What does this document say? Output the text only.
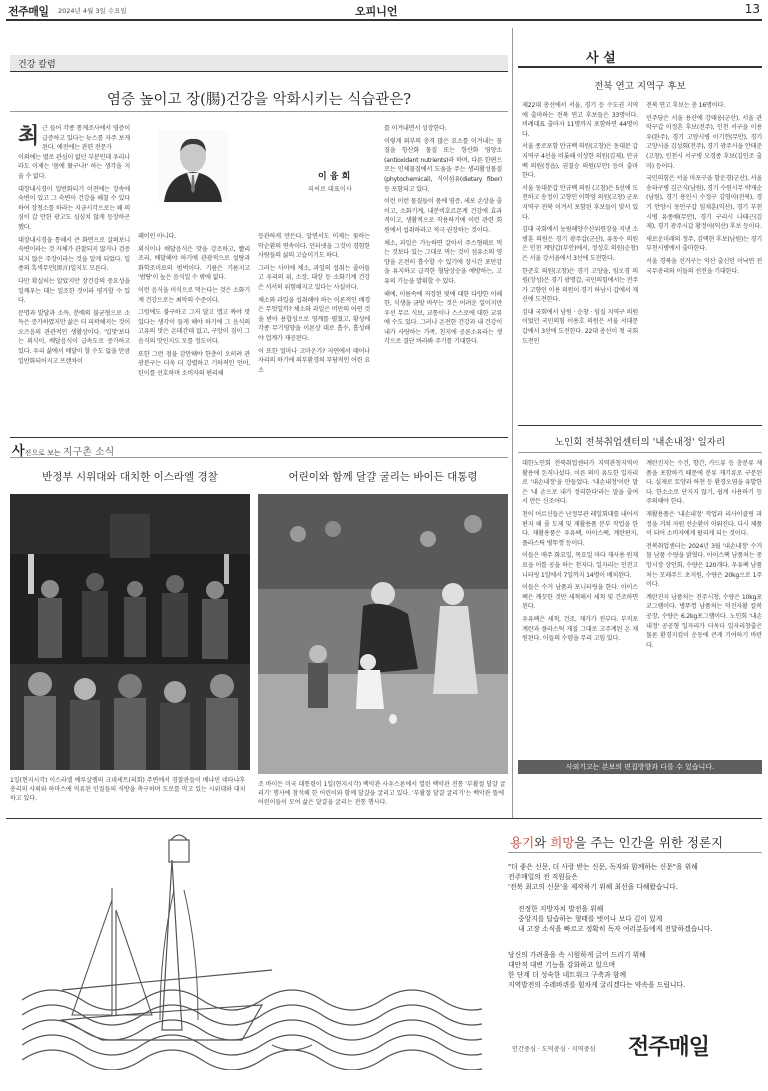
전주매일 2024년 4월 3일 수요일	오피니언	13
건강 칼럼
염증 높이고 장(腸)건강을 악화시키는 식습관은?
최 근 들어 각종 통계조사에서 염증이 급증하고 있다는 뉴스를 자주 보게 된다. 예전에는 관련 전문가

이외에는 별로 관심이 없던 부분인데 우리나라도 이제는 '몸에 왔구나!' 하는 생각을 지울 수 없다.

대장내시경이 일반화되기 이전에는 장속에 숙변이 있고 그 숙변이 건강을 해칠 수 있다 하여 장청소를 하라는 지금시각으로는 왜 의심이 갈 만한 광고도 심심치 않게 등장하곤 했다.

대장내시경을 통해서 큰 화면으로 살펴보니 숙변이라는 것 자체가 관찰되지 않거나 검증되지 않은 주장이라는 것을 알게 되었다. 일종의 흑색무언(黑言)일지도 모른다.

다만 확실히는 알았지만 장건강의 중요성을 일깨우는 데는 일조한 것이라 평가할 수 있다.

문명과 발달과 소득, 분배의 불균형으로 소득은 증가하였지만 삶은 더 피곽해지는 것이 오즈음의 관관적인 생활상이다. '입맛'보다는 외식이, 배달음식이 급속도로 증가하고 있다. 우리 삶에서 배달이 할 수도 없을 만큼 일반화되어지고 프랜차이

이 융 희
피씨로 대표이사

패이인 아니다.

외식이나 배달음식은 맛을 강조하고, 빨리 조리, 배달해야 하기에 관광적으로 설탕과 화학조미료의 범벅이다. 기름은 기름지고 '범탕'이 높은 음식일 수 밖에 없다.

이런 음식을 이식으로 먹는다는 것은 소화기계 건강으로는 최악의 수준이다.

그럼에도 불구하고 그저 달고 맵고 짜야 맛있다는 생각이 들게 해야 하기에 그 음식의 고유의 맛은 온데간데 없고, 구앙이 짐이 그 음식의 맛인지도 모를 정도이다.

또한 그런 점을 감안해야 한층이 오히려 관광분구는 더욱 더 강렬하고 기하적인 언어, 틴이를 선호하며 소비자의 편리해

등관하게 만든다. 알면서도 이제는 꽃하는 악순환의 연속이다. 인터넷을 그것이 경험한 사람들의 삶의 고습이기도 하다.

그러는 사이에 체소, 과일의 섭취는 줄어들고 우리의 위, 소장, 대장 등 소화기계 건강은 서서히 위험해지고 있다는 사실이다.

체소와 과일을 섭취해야 하는 이론적인 배경은 무엇일까? 체소와 과일은 비만의 어떤 것을 받아 용합성으로 영계를 펼쳤고, 황성에 각종 무기영양을 이론상 대로 흡수, 흡성해야 업계가 재공된다.

이 또한 얼마나 고마운가? 자연에서 태어나 자리의 하기에 의부환경의 부담적인 어린 요소

를 이겨내면서 성장한다.

이렇게 외부의 충격 많은 요소를 이겨내는 물질을 항산화 물질 또는 항산화 영양소(antioxidant nutrients)라 하며, 다른 한편으로는 인체물질에서 도움을 주는 생리활성물질(phytochemical), 식이섬유(dietary fiber) 등 포함되고 있다.

이런 이런 물질들이 몸에 염증, 세포 손상을 줄이고, 소화기계, 내분비호르몬계 건강에 효과적이고, 생활적으로 작용하기에 이런 관련 회원에서 섭취하라고 적극 권장하는 것이다.

체소, 과일은 가능하면 갈아서 주스형태로 먹는 것보다 있는 그대로 먹는 것이 섬유소의 영양을 온전히 흡수할 수 있기에 장시간 포만감을 유지하고 급격한 혈당상승을 예방하는, 고유의 기능을 발휘할 수 있다.

해에, 이름속에 저장된 빛에 대한 다양한 이해한, 식생을 금방 바꾸는 것은 어려운 일이지만 우선 무르 식보, 교통이나 스스로에 대한 교류에 수도 있다. 그러나 온전한 건강과 내 건강이 내가 사랑하는 가족, 친지에 공론소유라는 생각으로 결단 바라봐 주기를 기대한다.

사진으로 보는 지구촌 소식
반정부 시위대와 대치한 이스라엘 경찰	어린이와 함께 달걀 굴리는 바이든 대통령
1일(현지시각) 이스라엘 예루살렘의 크네세트(의회) 주변에서 경찰관들이 베냐민 네타냐후 총리의 사퇴와 하마스에 억류된 인질들의 석방을 촉구하며 도로를 막고 있는 시위대와 대치하고 있다.
조 바이든 미국 대통령이 1일(현지시각) 백악관 사우스론에서 열린 백악관 전통 '부활절 달걀 굴리기' 행사에 참석해 한 어린이와 함께 달걀을 굴리고 있다. '부활절 달걀 굴리기'는 백악관 뜰에 어린이들이 모여 삶은 달걀을 굴리는 전통 행사다.
사 설
전북 연고 지역구 후보

제22대 총선에서 서울, 경기 등 수도권 지역에 출마하는 전북 연고 후보들은 33명이다. 비례대표 출마자 11명까지 포함하면 44명이다.

서울 종로포함 안규백 의원(고창)은 동대문 갑지역구 4선을 비롯해 이상한 의원(김제), 안규백 의원(정읍), 권칠승 의원(부안) 등이 출마한다.

서울 동대문갑 안규백 의원 (고창)은 5선에 도전하고 송정이 고향인 이학영 의원(고창) 군포 지역구 전북 이겨서 포함된 후보들이 맞서 있다.

김대 국회에서 농림해양수산위원장을 지낸 소병훈 의원은 경기 광주갑(군산), 유동수 의원은 인천 계양갑(부안)에서, 정성호 의원(순창)은 서울 강서을에서 3선에 도전한다.

한준호 의원(고창)은 경기 고양을, 임오경 의원(장성)은 경기 광명갑, 국민의힘에서는 전주가 고향인 이용 의원이 경기 하남시 갑에서 재선에 도전한다.

김대 국회에서 남원 · 순창 · 임실 지역구 의원이었던 국민의힘 이용호 의원은 서울 서대문갑에서 3선에 도전한다. 22대 총선이 첫 국회 도전인

전북 연고 후보는 총 16명이다.

민주당은 서울 용산에 강태웅(군산), 서울 관악구갑 이정흔 후보(전주), 인천 서구을 이용우(완주), 경기 고양시병 이기헌(무안), 경기 고양시을 김성회(전주), 경기 광주시을 안태준(고창), 인천시 서구병 모경종 후보(김인조 출마) 등이다.

국민의힘은 서울 마포구을 함운경(군산), 서울 송파구병 김근식(남원), 경기 수원시무 박재순(남원), 경기 용인시 수정구 김영아(전북), 경기 안양시 동안구갑 임재훈(익산), 경기 부천시병 유종배(무안), 경기 구리시 나태근(김제), 경기 광주시갑 황정아(익산) 후보 등이다.

새로운미래의 정주, 김택현 후보(남원)는 경기 부천시병에서 출마한다.

서울 경북을 선거구는 익산 출신인 이낙연 전 국무총리와 이들의 선전을 기대한다.

노인회 전북취업센터의 '내손내정' 일자리

대한노인회 전북취업센터가 지역관청지역이 활용에 돈직나섰다. 이른 의미 유도한 일자리로 '내손내정'을 만들었다. '내손내정'이란 말은 '내 손으로 내가 정리한다'라는 말을 줄여서 만든 신조어다.

천이 어르신들은 난정무관 레일회대를 내어서 편지 해 줄 도제 및 재활용품 분부 작업을 한다. 재활용품은 우유팩, 아이스팩, 계란판지, 플라스틱 병뚜껑 등이다.

이들은 매주 화요일, 목요일 마다 재사용 원재료을 이를 공을 하는 천지다. 일자리는 인전고 니터링 1일에서 7일까지 14명이 배치된다.

이들은 수거 남품과 포니터링을 한다. 아이스팩은 깨끗한 것만 세척해서 세척 및 건조하면 된다.

우유팩은 세척, 건조, 재가가 전부다. 부직포 계란과 플라스틱 재질 그대로 고주계된 온 재원된다. 이들의 수령을 무리 고임 있다.

계란진지는 수건, 향간, 카드류 등 충분류 제품을 포함하기 때문에 분류 재기류로 구분된다. 실제로 토양과 하천 등 환경오염을 유발한다. 한소소로 단지지 않기, 쉽게 사용하기 등 주의해야 한다.

재활용품은 '내손내정' 작업과 리사이클링 과정을 거쳐 자원 선순환이 이뤄진다. 다시 제품이 되어 소비자에게 팔리게 되는 것이다.

전북취업센터는 2024년 3월 '내손내정' 수거물 남품 수량을 밝혔다. 아이스팩 남품처는 중앙시장 상인회, 수량은 120개다. 우유팩 남품처는 모래주드 초지원, 수량은 20kg으로 1주 이다.

계란진지 남품처는 전주시청, 수량은 10kg포코그램이다. 병뚜껑 남품처는 덕진자활 칼복공장, 수량은 6.2kg포그램이다. 노인회 '내손내정' 공공형 일자리가 더욱더 일자리창출은 물론 환경지킴이 운동에 큰게 기여하기 바란다.

사외기고는 본보의 편집방향과 다를 수 있습니다.
용기와 희망을 주는 인간을 위한 정론지

"더 좋은 신문, 더 사랑 받는 신문, 독자와 함께하는 신문"을 위해

전주매일의 전 직원들은

'전북 최고의 신문'을 제작하기 위해 최선을 다해왔습니다.

진정한 지방자치 발전을 위해

중앙지를 답습하는 형태를 벗어나 보다 깊이 있게

내 고장 소식을 빠르고 정확히 독자 여러분들에게 전달하겠습니다.

당신의 가려움을 속 시원하게 긁어 드리기 위해

대안적 대변 기능을 강화하고 있으며

한 단계 더 성숙한 네트워크 구축과 함께

지역발전의 수레바퀴를 힘차게 굴리겠다는 약속을 드립니다.

인간중심 · 도덕중심 · 지역중심 전주매일
